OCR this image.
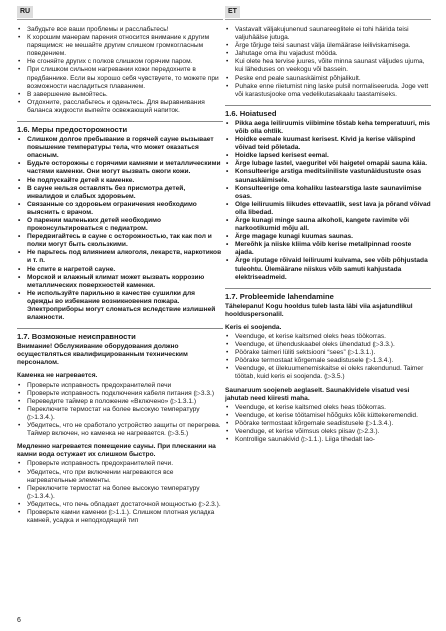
RU	ET
• Забудьте все ваши проблемы и расслабьтесь!
• К хорошим манерам парения относится внимание к другим парящимся: не мешайте другим слишком громкогласным поведением.
• Не сгоняйте других с полков слишком горячим паром.
• При слишком сильном нагревании кожи передохните в предбаннике. Если вы хорошо себя чувствуете, то можете при возможности насладиться плаванием.
• В завершение вымойтесь.
• Отдохните, расслабьтесь и оденьтесь. Для выравнивания баланса жидкости выпейте освежающий напиток.
1.6. Меры предосторожности
• Слишком долгое пребывание в горячей сауне вызывает повышение температуры тела, что может оказаться опасным.
• Будьте осторожны с горячими камнями и металлическими частями каменки. Они могут вызвать ожоги кожи.
• Не подпускайте детей к каменке.
• В сауне нельзя оставлять без присмотра детей, инвалидов и слабых здоровьем.
• Связанные со здоровьем ограничения необходимо выяснить с врачом.
• О парении маленьких детей необходимо проконсультироваться с педиатром.
• Передвигайтесь в сауне с осторожностью, так как пол и полки могут быть скользкими.
• Не парьтесь под влиянием алкоголя, лекарств, наркотиков и т. п.
• Не спите в нагретой сауне.
• Морской и влажный климат может вызвать коррозию металлических поверхностей каменки.
• Не используйте парильню в качестве сушилки для одежды во избежание возникновения пожара. Электроприборы могут сломаться вследствие излишней влажности.
1.7. Возможные неисправности
Внимание! Обслуживание оборудования должно осуществляться квалифицированным техническим персоналом.
Каменка не нагревается.
• Проверьте исправность предохранителей печи
• Проверьте исправность подключения кабеля питания (▷3.3.)
• Переведите таймер в положение «Включено» (▷1.3.1.)
• Переключите термостат на более высокую температуру (▷1.3.4.).
• Убедитесь, что не сработало устройство защиты от перегрева. Таймер включен, но каменка не нагревается. (▷3.5.)
Медленно нагревается помещение сауны. При плескании на камни вода остужает их слишком быстро.
• Проверьте исправность предохранителей печи.
• Убедитесь, что при включении нагреваются все нагревательные элементы.
• Переключите термостат на более высокую температуру (▷1.3.4.).
• Убедитесь, что печь обладает достаточной мощностью (▷2.3.).
• Проверьте камни каменки (▷1.1.). Слишком плотная укладка камней, усадка и неподходящий тип
• Vastavalt väljakujunenud saunareeglitele ei tohi häirida teisi valjuhäälse jutuga.
• Ärge tõrjuge teisi saunast välja ülemäärase leiliviskamisega.
• Jahutage oma ihu vajadust mööda.
• Kui olete hea tervise juures, võite minna saunast väljudes ujuma, kui läheduses on veekogu või bassein.
• Peske end peale saunaskäimist põhjalikult.
• Puhake enne riietumist ning laske pulsil normaliseeruda. Joge vett või karastusjooke oma vedelikutasakaalu taastamiseks.
1.6. Hoiatused
• Pikka aega leiliruumis viibimine tõstab keha temperatuuri, mis võib olla ohtlik.
• Hoidke eemale kuumast kerisest. Kivid ja kerise välispind võivad teid põletada.
• Hoidke lapsed kerisest eemal.
• Ärge lubage lastel, vaeguritel või haigetel omapäi sauna käia.
• Konsulteerige arstiga meditsiiniliste vastunäidustuste osas saunaskäimisele.
• Konsulteerige oma kohaliku lastearstiga laste saunaviimise osas.
• Olge leiliruumis liikudes ettevaatlik, sest lava ja põrand võivad olla libedad.
• Ärge kunagi minge sauna alkoholi, kangete ravimite või narkootikumid mõju all.
• Ärge magage kunagi kuumas saunas.
• Mereõhk ja niiske kliima võib kerise metallpinnad rooste ajada.
• Ärge riputage rõivaid leiliruumi kuivama, see võib põhjustada tuleohtu. Ülemäärane niiskus võib samuti kahjustada elektriseadmeid.
1.7. Probleemide lahendamine
Tähelepanu! Kogu hooldus tuleb lasta läbi viia asjatundlikul hoolduspersonalil.
Keris ei soojenda.
• Veenduge, et kerise kaitsmed oleks heas töökorras.
• Veenduge, et ühenduskaabel oleks ühendatud (▷3.3.).
• Pöörake taimeri lüliti sektsiooni “sees” (▷1.3.1.).
• Pöörake termostaat kõrgemale seadistusele (▷1.3.4.).
• Veenduge, et ülekuumenemiskaitse ei oleks rakendunud. Taimer töötab, kuid keris ei soojenda. (▷3.5.)
Saunaruum soojeneb aeglaselt. Saunakividele visatud vesi jahutab need kiiresti maha.
• Veenduge, et kerise kaitsmed oleks heas töökorras.
• Veenduge, et kerise töötamisel hõõguks kõik küttekeremendid.
• Pöörake termostaat kõrgemale seadistusele (▷1.3.4.).
• Veenduge, et kerise võimsus oleks piisav (▷2.3.).
• Kontrollige saunakivid (▷1.1.). Liiga tihedalt lao-
6
